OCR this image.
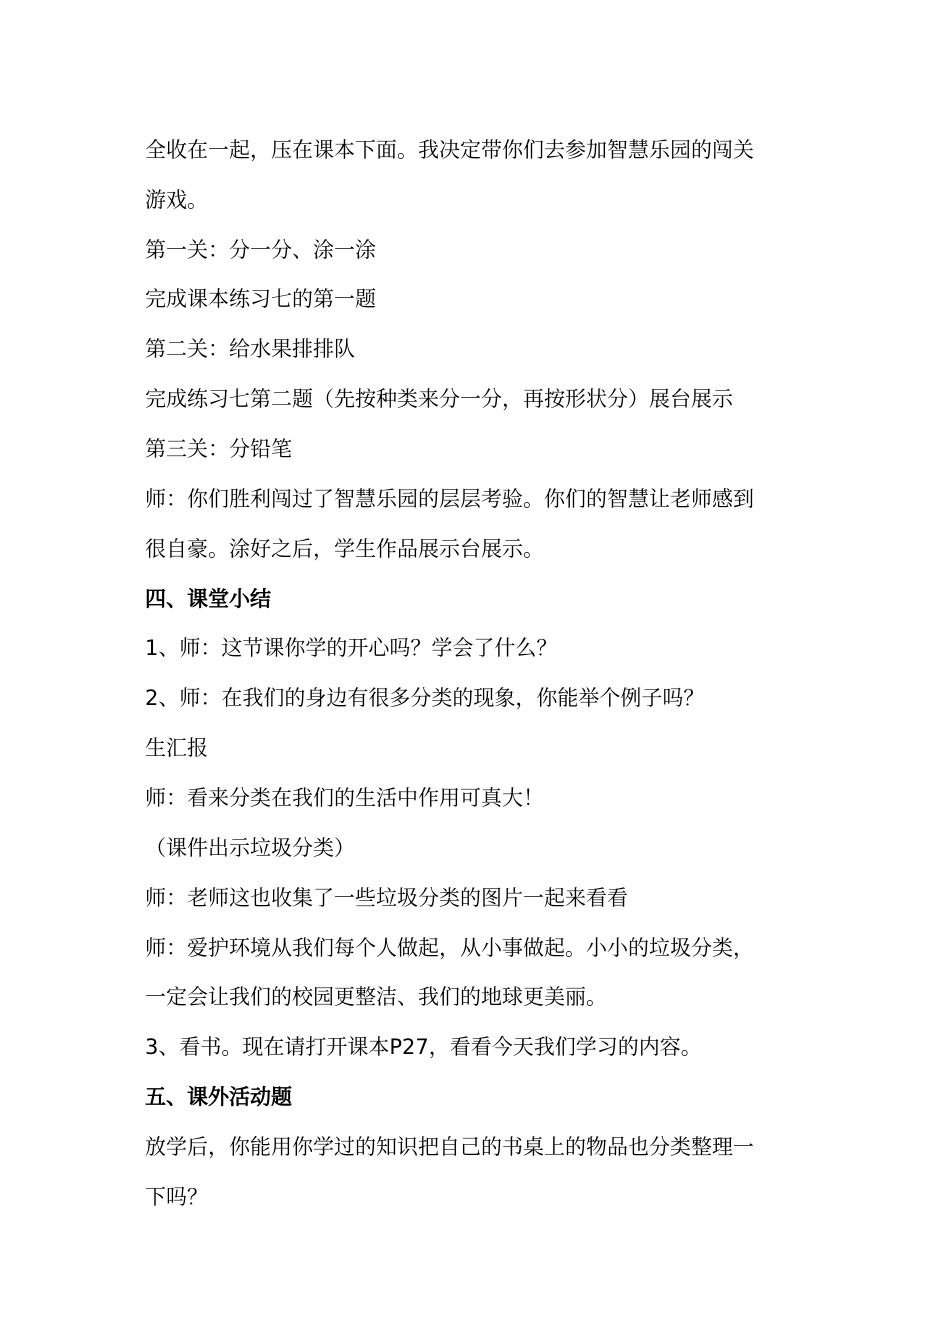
全收在一起，压在课本下面。我决定带你们去参加智慧乐园的闯关
游戏。
第一关：分一分、涂一涂
完成课本练习七的第一题
第二关：给水果排排队
完成练习七第二题（先按种类来分一分，再按形状分）展台展示
第三关：分铅笔
师：你们胜利闯过了智慧乐园的层层考验。你们的智慧让老师感到
很自豪。涂好之后，学生作品展示台展示。
四、课堂小结
1、师：这节课你学的开心吗？学会了什么？
2、师：在我们的身边有很多分类的现象，你能举个例子吗？
生汇报
师：看来分类在我们的生活中作用可真大！
（课件出示垃圾分类）
师：老师这也收集了一些垃圾分类的图片一起来看看
师：爱护环境从我们每个人做起，从小事做起。小小的垃圾分类，
一定会让我们的校园更整洁、我们的地球更美丽。
3、看书。现在请打开课本P27，看看今天我们学习的内容。
五、课外活动题
放学后，你能用你学过的知识把自己的书桌上的物品也分类整理一
下吗？
